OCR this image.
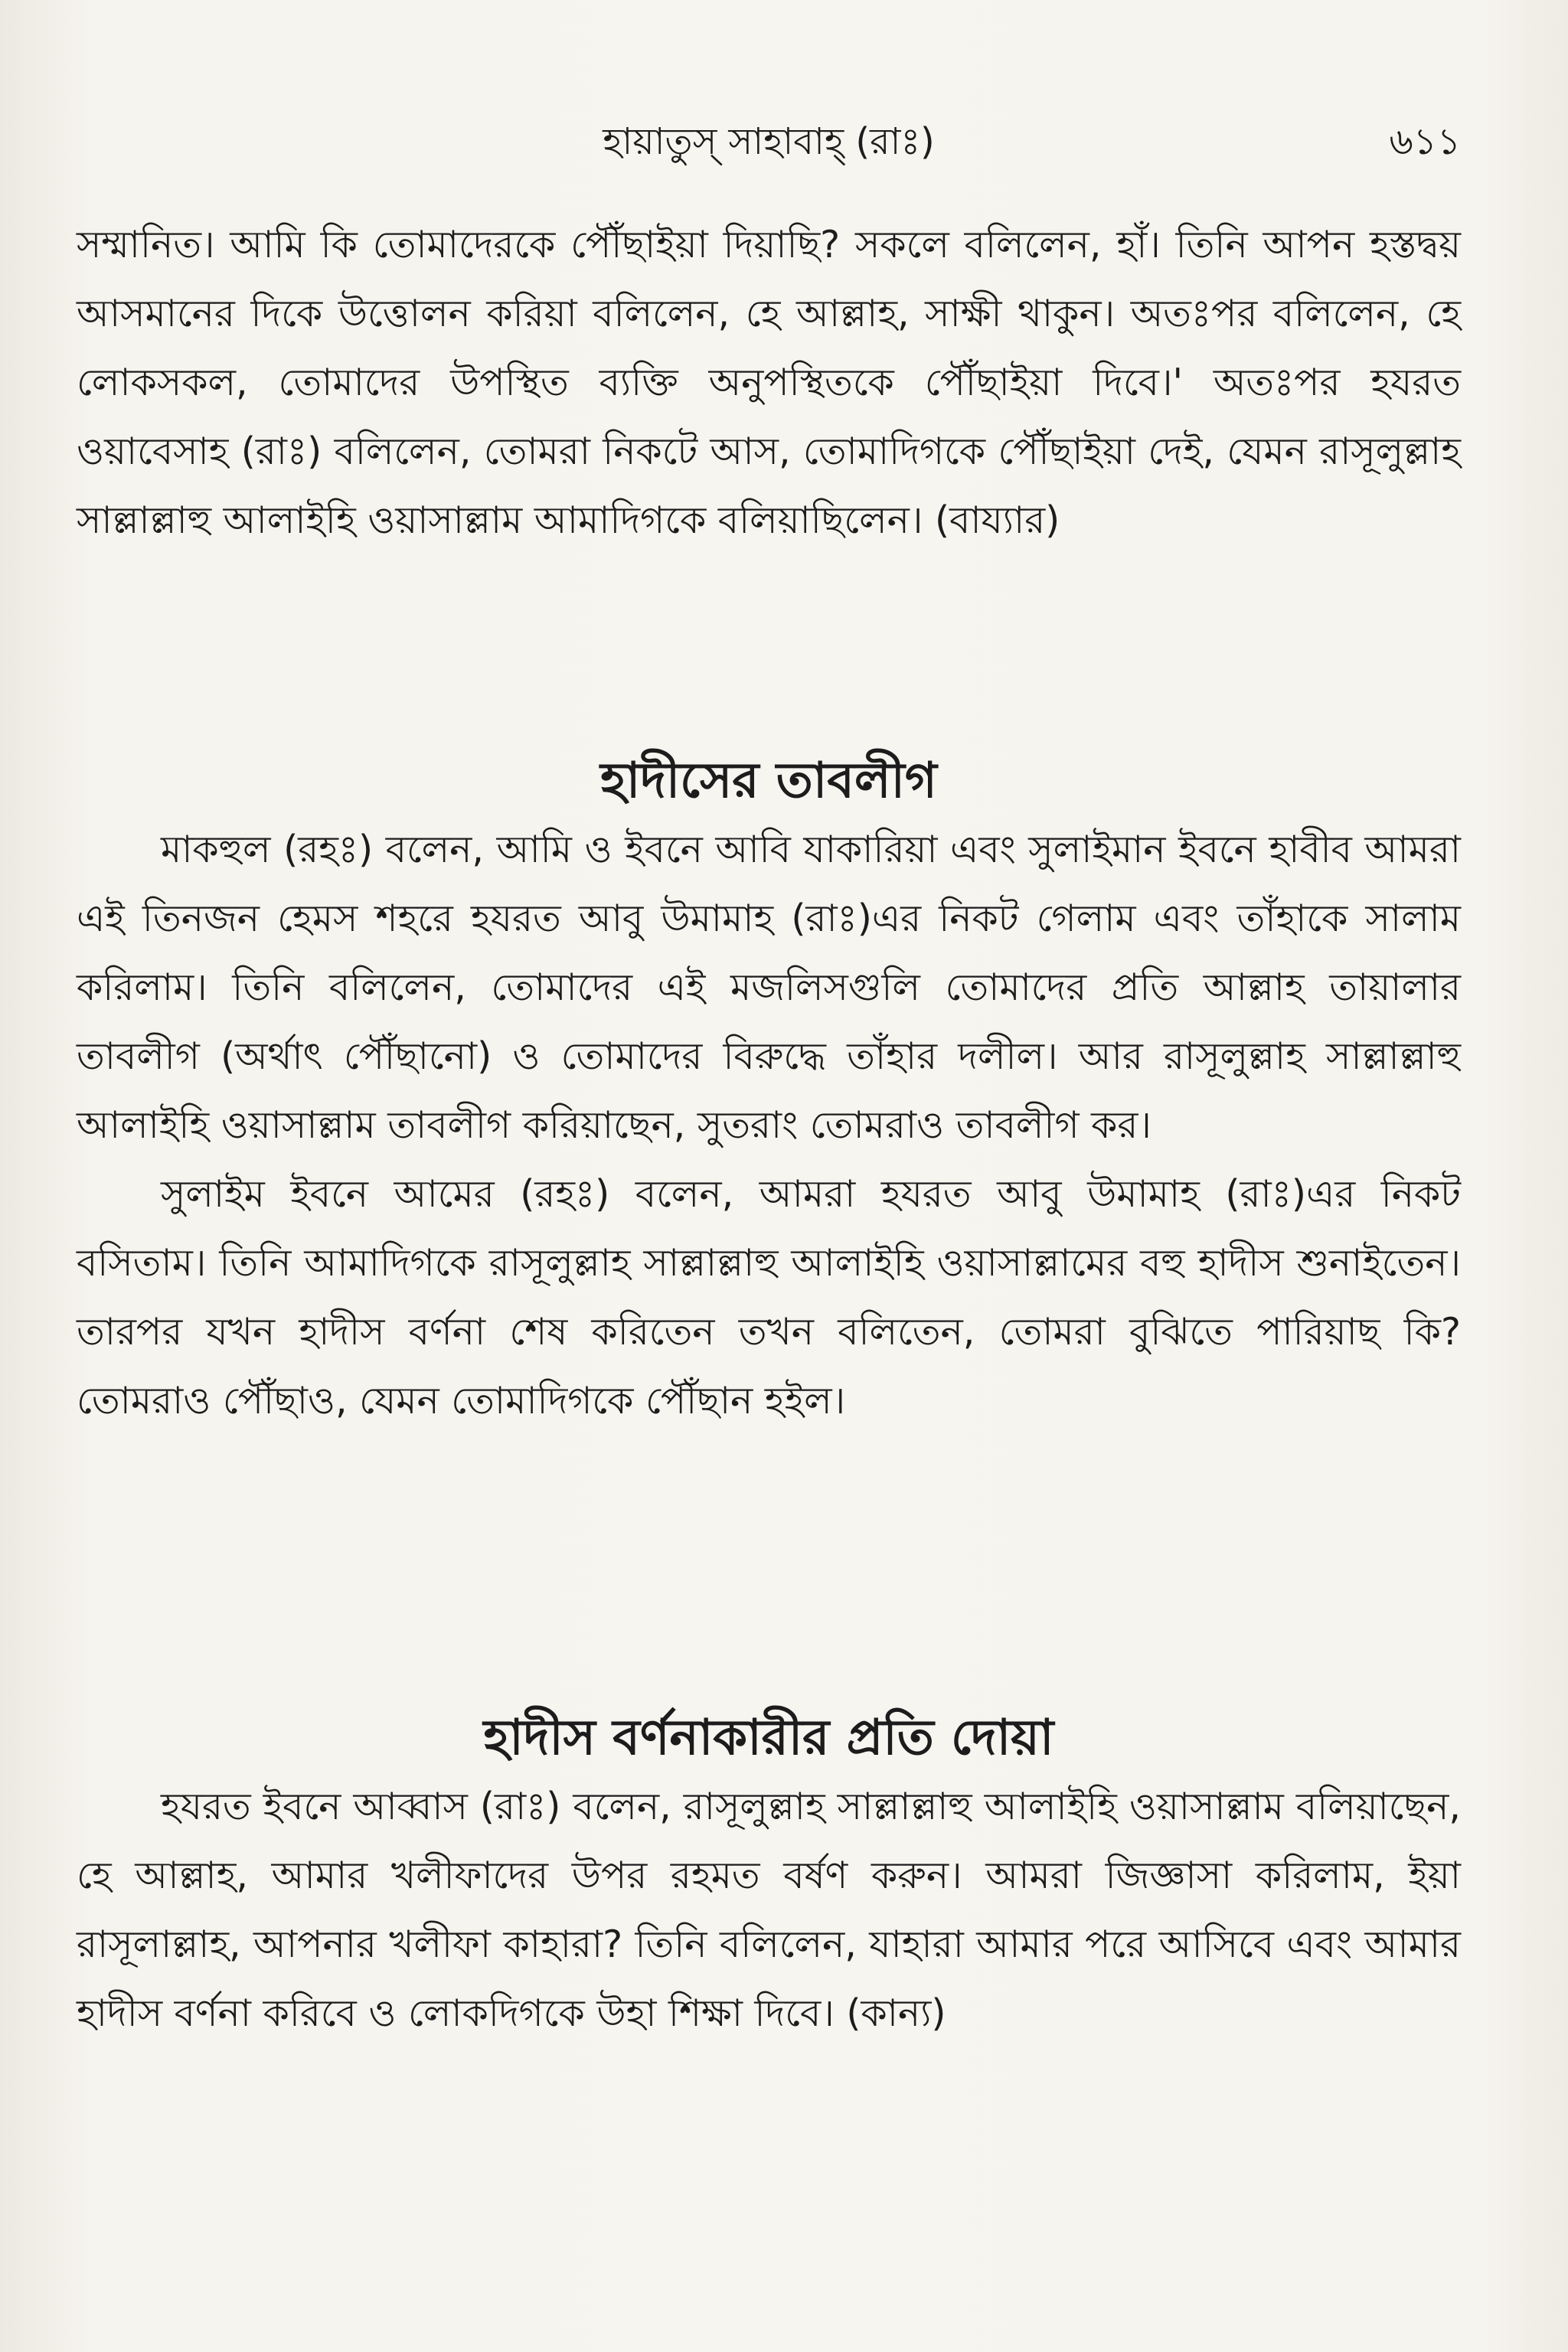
হায়াতুস্ সাহাবাহ্ (রাঃ)	৬১১

সম্মানিত। আমি কি তোমাদেরকে পৌঁছাইয়া দিয়াছি? সকলে বলিলেন, হাঁ। তিনি আপন হস্তদ্বয় আসমানের দিকে উত্তোলন করিয়া বলিলেন, হে আল্লাহ, সাক্ষী থাকুন। অতঃপর বলিলেন, হে লোকসকল, তোমাদের উপস্থিত ব্যক্তি অনুপস্থিতকে পৌঁছাইয়া দিবে।' অতঃপর হযরত ওয়াবেসাহ (রাঃ) বলিলেন, তোমরা নিকটে আস, তোমাদিগকে পৌঁছাইয়া দেই, যেমন রাসূলুল্লাহ সাল্লাল্লাহু আলাইহি ওয়াসাল্লাম আমাদিগকে বলিয়াছিলেন। (বায্যার)

হাদীসের তাবলীগ

মাকহুল (রহঃ) বলেন, আমি ও ইবনে আবি যাকারিয়া এবং সুলাইমান ইবনে হাবীব আমরা এই তিনজন হেমস শহরে হযরত আবু উমামাহ (রাঃ)এর নিকট গেলাম এবং তাঁহাকে সালাম করিলাম। তিনি বলিলেন, তোমাদের এই মজলিসগুলি তোমাদের প্রতি আল্লাহ তায়ালার তাবলীগ (অর্থাৎ পৌঁছানো) ও তোমাদের বিরুদ্ধে তাঁহার দলীল। আর রাসূলুল্লাহ সাল্লাল্লাহু আলাইহি ওয়াসাল্লাম তাবলীগ করিয়াছেন, সুতরাং তোমরাও তাবলীগ কর।

সুলাইম ইবনে আমের (রহঃ) বলেন, আমরা হযরত আবু উমামাহ (রাঃ)এর নিকট বসিতাম। তিনি আমাদিগকে রাসূলুল্লাহ সাল্লাল্লাহু আলাইহি ওয়াসাল্লামের বহু হাদীস শুনাইতেন। তারপর যখন হাদীস বর্ণনা শেষ করিতেন তখন বলিতেন, তোমরা বুঝিতে পারিয়াছ কি? তোমরাও পৌঁছাও, যেমন তোমাদিগকে পৌঁছান হইল।

হাদীস বর্ণনাকারীর প্রতি দোয়া

হযরত ইবনে আব্বাস (রাঃ) বলেন, রাসূলুল্লাহ সাল্লাল্লাহু আলাইহি ওয়াসাল্লাম বলিয়াছেন, হে আল্লাহ, আমার খলীফাদের উপর রহমত বর্ষণ করুন। আমরা জিজ্ঞাসা করিলাম, ইয়া রাসূলাল্লাহ, আপনার খলীফা কাহারা? তিনি বলিলেন, যাহারা আমার পরে আসিবে এবং আমার হাদীস বর্ণনা করিবে ও লোকদিগকে উহা শিক্ষা দিবে। (কান্য)
